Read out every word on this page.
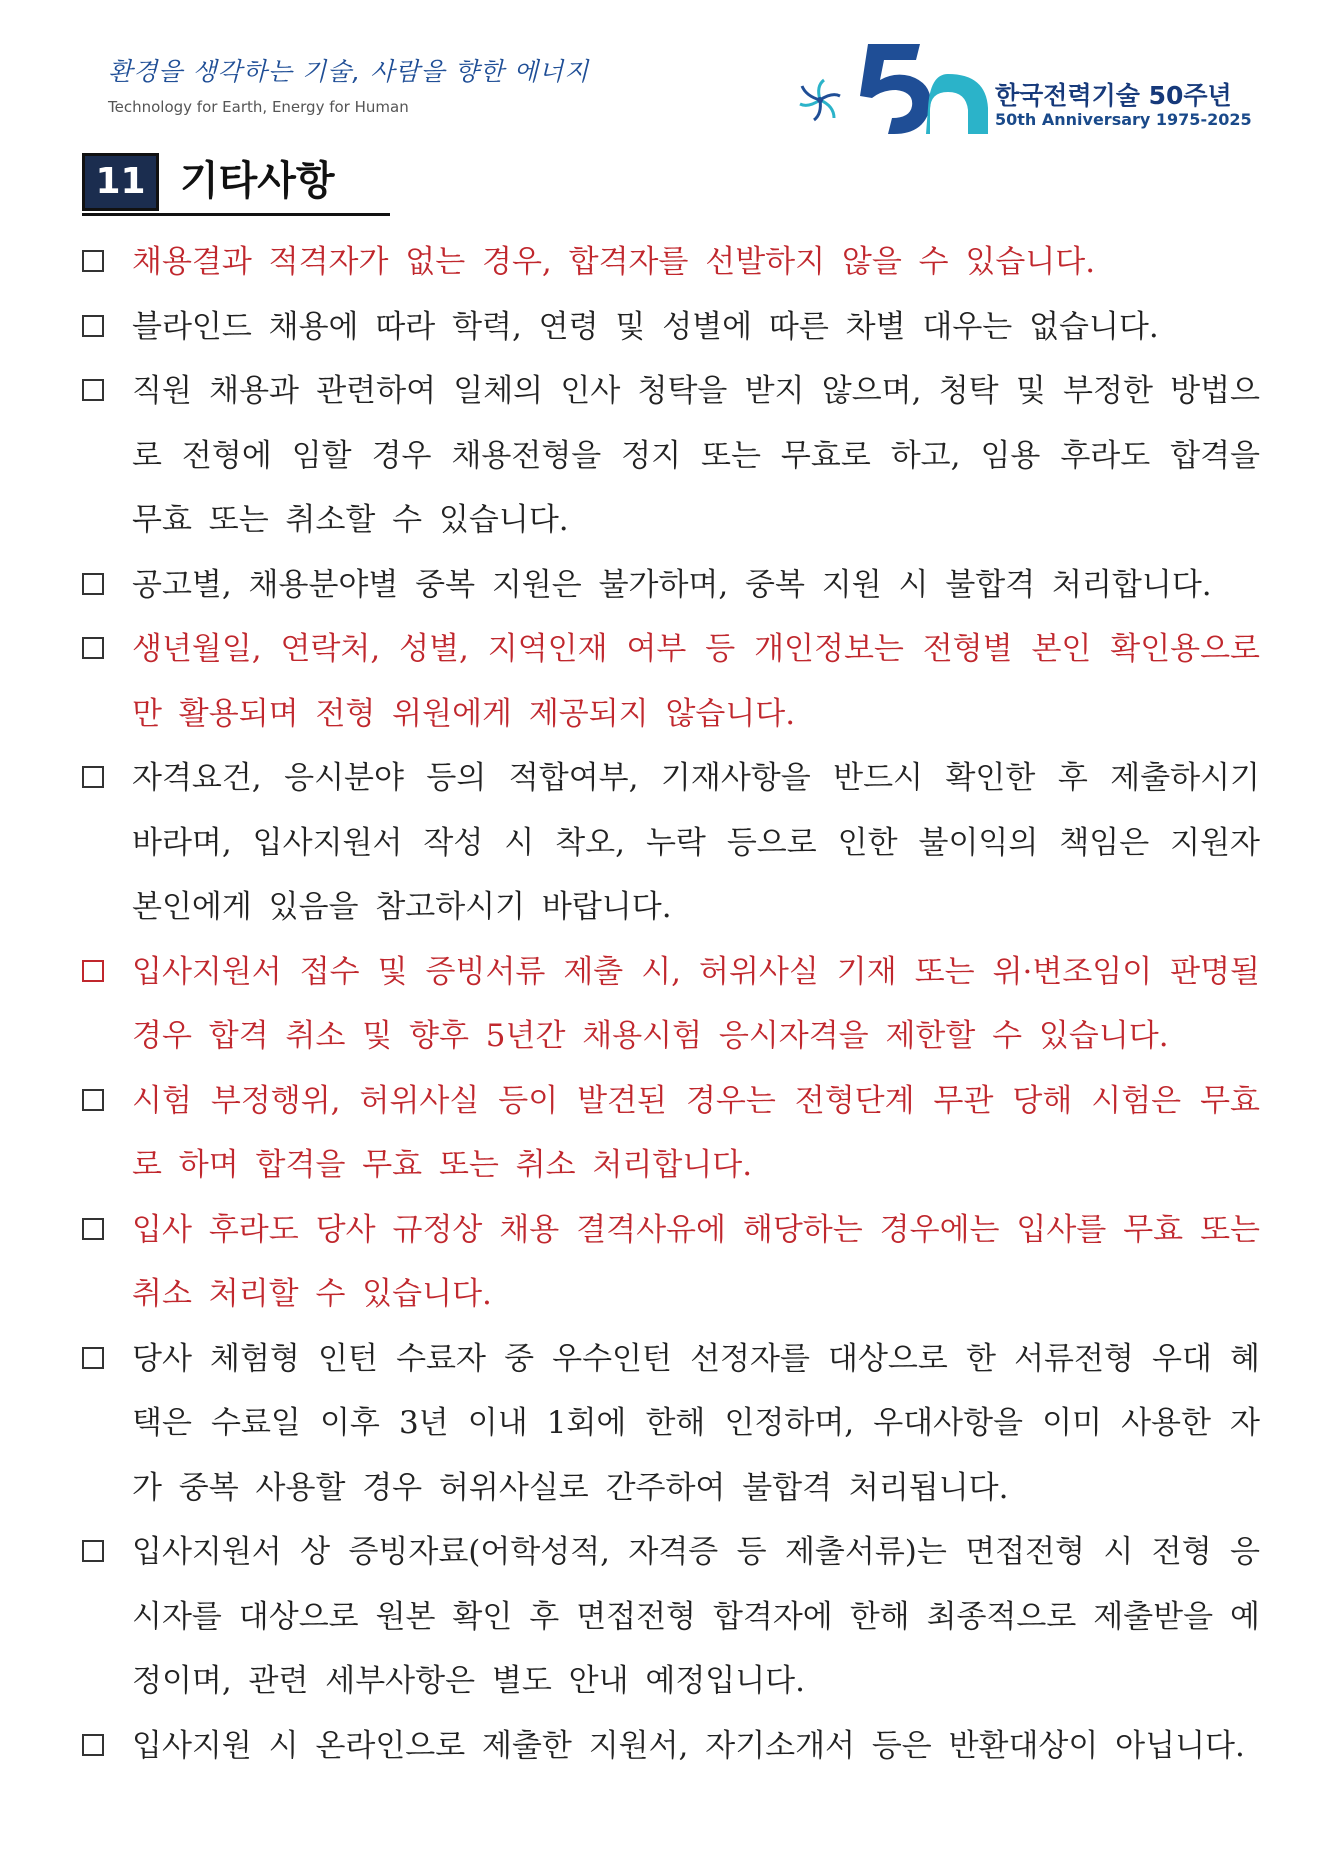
환경을 생각하는 기술, 사람을 향한 에너지
Technology for Earth, Energy for Human	한국전력기술 50주년
50th Anniversary 1975-2025
11 기타사항
채용결과 적격자가 없는 경우, 합격자를 선발하지 않을 수 있습니다.
블라인드 채용에 따라 학력, 연령 및 성별에 따른 차별 대우는 없습니다.
직원 채용과 관련하여 일체의 인사 청탁을 받지 않으며, 청탁 및 부정한 방법으로 전형에 임할 경우 채용전형을 정지 또는 무효로 하고, 임용 후라도 합격을 무효 또는 취소할 수 있습니다.
공고별, 채용분야별 중복 지원은 불가하며, 중복 지원 시 불합격 처리합니다.
생년월일, 연락처, 성별, 지역인재 여부 등 개인정보는 전형별 본인 확인용으로만 활용되며 전형 위원에게 제공되지 않습니다.
자격요건, 응시분야 등의 적합여부, 기재사항을 반드시 확인한 후 제출하시기 바라며, 입사지원서 작성 시 착오, 누락 등으로 인한 불이익의 책임은 지원자 본인에게 있음을 참고하시기 바랍니다.
입사지원서 접수 및 증빙서류 제출 시, 허위사실 기재 또는 위·변조임이 판명될 경우 합격 취소 및 향후 5년간 채용시험 응시자격을 제한할 수 있습니다.
시험 부정행위, 허위사실 등이 발견된 경우는 전형단계 무관 당해 시험은 무효로 하며 합격을 무효 또는 취소 처리합니다.
입사 후라도 당사 규정상 채용 결격사유에 해당하는 경우에는 입사를 무효 또는 취소 처리할 수 있습니다.
당사 체험형 인턴 수료자 중 우수인턴 선정자를 대상으로 한 서류전형 우대 혜택은 수료일 이후 3년 이내 1회에 한해 인정하며, 우대사항을 이미 사용한 자가 중복 사용할 경우 허위사실로 간주하여 불합격 처리됩니다.
입사지원서 상 증빙자료(어학성적, 자격증 등 제출서류)는 면접전형 시 전형 응시자를 대상으로 원본 확인 후 면접전형 합격자에 한해 최종적으로 제출받을 예정이며, 관련 세부사항은 별도 안내 예정입니다.
입사지원 시 온라인으로 제출한 지원서, 자기소개서 등은 반환대상이 아닙니다.
